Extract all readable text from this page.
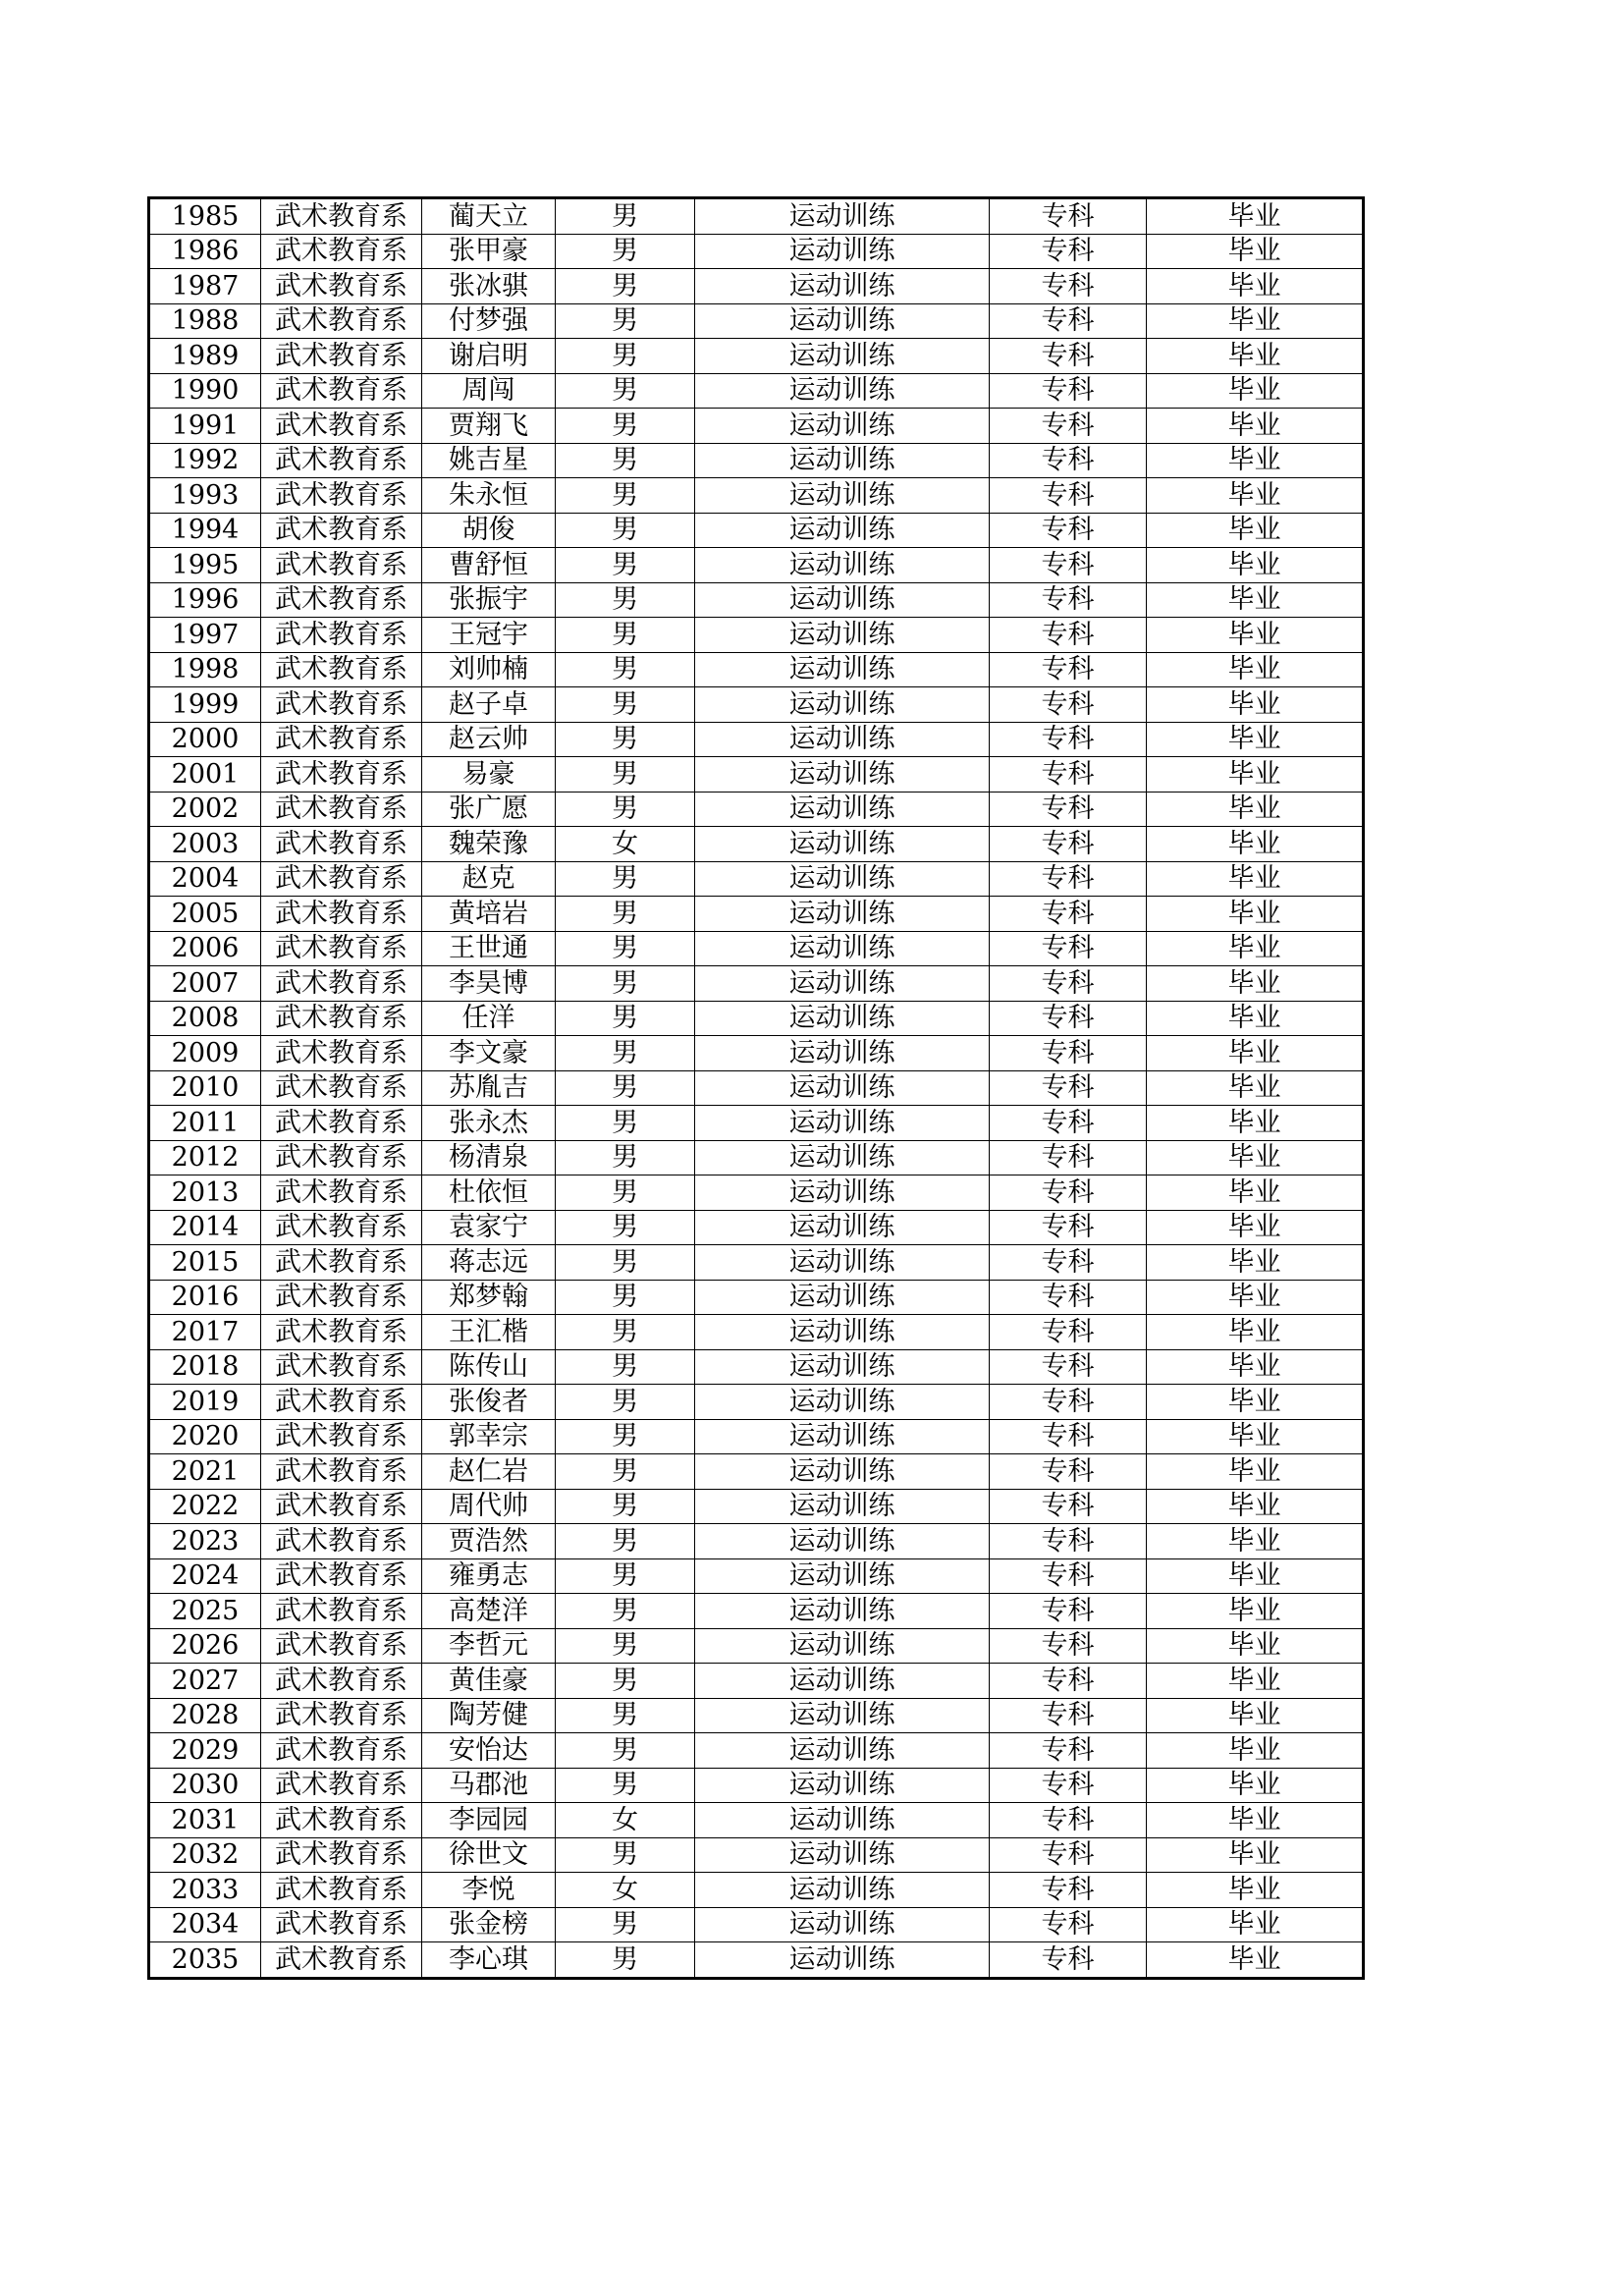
1985	武术教育系	蔺天立	男	运动训练	专科	毕业
1986	武术教育系	张甲豪	男	运动训练	专科	毕业
1987	武术教育系	张冰骐	男	运动训练	专科	毕业
1988	武术教育系	付梦强	男	运动训练	专科	毕业
1989	武术教育系	谢启明	男	运动训练	专科	毕业
1990	武术教育系	周闯	男	运动训练	专科	毕业
1991	武术教育系	贾翔飞	男	运动训练	专科	毕业
1992	武术教育系	姚吉星	男	运动训练	专科	毕业
1993	武术教育系	朱永恒	男	运动训练	专科	毕业
1994	武术教育系	胡俊	男	运动训练	专科	毕业
1995	武术教育系	曹舒恒	男	运动训练	专科	毕业
1996	武术教育系	张振宇	男	运动训练	专科	毕业
1997	武术教育系	王冠宇	男	运动训练	专科	毕业
1998	武术教育系	刘帅楠	男	运动训练	专科	毕业
1999	武术教育系	赵子卓	男	运动训练	专科	毕业
2000	武术教育系	赵云帅	男	运动训练	专科	毕业
2001	武术教育系	易豪	男	运动训练	专科	毕业
2002	武术教育系	张广愿	男	运动训练	专科	毕业
2003	武术教育系	魏荣豫	女	运动训练	专科	毕业
2004	武术教育系	赵克	男	运动训练	专科	毕业
2005	武术教育系	黄培岩	男	运动训练	专科	毕业
2006	武术教育系	王世通	男	运动训练	专科	毕业
2007	武术教育系	李昊博	男	运动训练	专科	毕业
2008	武术教育系	任洋	男	运动训练	专科	毕业
2009	武术教育系	李文豪	男	运动训练	专科	毕业
2010	武术教育系	苏胤吉	男	运动训练	专科	毕业
2011	武术教育系	张永杰	男	运动训练	专科	毕业
2012	武术教育系	杨清泉	男	运动训练	专科	毕业
2013	武术教育系	杜依恒	男	运动训练	专科	毕业
2014	武术教育系	袁家宁	男	运动训练	专科	毕业
2015	武术教育系	蒋志远	男	运动训练	专科	毕业
2016	武术教育系	郑梦翰	男	运动训练	专科	毕业
2017	武术教育系	王汇楷	男	运动训练	专科	毕业
2018	武术教育系	陈传山	男	运动训练	专科	毕业
2019	武术教育系	张俊者	男	运动训练	专科	毕业
2020	武术教育系	郭幸宗	男	运动训练	专科	毕业
2021	武术教育系	赵仁岩	男	运动训练	专科	毕业
2022	武术教育系	周代帅	男	运动训练	专科	毕业
2023	武术教育系	贾浩然	男	运动训练	专科	毕业
2024	武术教育系	雍勇志	男	运动训练	专科	毕业
2025	武术教育系	高楚洋	男	运动训练	专科	毕业
2026	武术教育系	李哲元	男	运动训练	专科	毕业
2027	武术教育系	黄佳豪	男	运动训练	专科	毕业
2028	武术教育系	陶芳健	男	运动训练	专科	毕业
2029	武术教育系	安怡达	男	运动训练	专科	毕业
2030	武术教育系	马郡池	男	运动训练	专科	毕业
2031	武术教育系	李园园	女	运动训练	专科	毕业
2032	武术教育系	徐世文	男	运动训练	专科	毕业
2033	武术教育系	李悦	女	运动训练	专科	毕业
2034	武术教育系	张金榜	男	运动训练	专科	毕业
2035	武术教育系	李心琪	男	运动训练	专科	毕业
